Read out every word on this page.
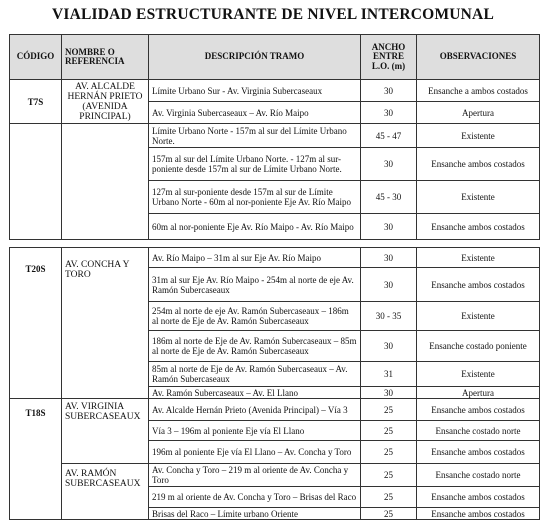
VIALIDAD ESTRUCTURANTE DE NIVEL INTERCOMUNAL
CÓDIGO	NOMBRE O REFERENCIA	DESCRIPCIÓN TRAMO	ANCHO ENTRE L.O. (m)	OBSERVACIONES
T7S	AV. ALCALDE HERNÁN PRIETO (AVENIDA PRINCIPAL)	Límite Urbano Sur - Av. Virginia Subercaseaux	30	Ensanche a ambos costados
		Av. Virginia Subercaseaux – Av. Río Maipo	30	Apertura
		Límite Urbano Norte - 157m al sur del Límite Urbano Norte.	45 - 47	Existente
		157m al sur del Límite Urbano Norte. - 127m al sur-poniente desde 157m al sur de Límite Urbano Norte.	30	Ensanche ambos costados
		127m al sur-poniente desde 157m al sur de Límite Urbano Norte - 60m al nor-poniente Eje Av. Río Maipo	45 - 30	Existente
		60m al nor-poniente Eje Av. Río Maipo - Av. Río Maipo	30	Ensanche ambos costados
T20S	AV. CONCHA Y TORO	Av. Río Maipo – 31m al sur Eje Av. Río Maipo	30	Existente
		31m al sur Eje Av. Río Maipo - 254m al norte de eje Av. Ramón Subercaseaux	30	Ensanche ambos costados
		254m al norte de eje Av. Ramón Subercaseaux – 186m al norte de Eje de Av. Ramón Subercaseaux	30 - 35	Existente
		186m al norte de Eje de Av. Ramón Subercaseaux – 85m al norte de Eje de Av. Ramón Subercaseaux	30	Ensanche costado poniente
		85m al norte de Eje de Av. Ramón Subercaseaux – Av. Ramón Subercaseaux	31	Existente
		Av. Ramón Subercaseaux – Av. El Llano	30	Apertura
T18S	AV. VIRGINIA SUBERCASEAUX	Av. Alcalde Hernán Prieto (Avenida Principal) – Vía 3	25	Ensanche ambos costados
		Vía 3 – 196m al poniente Eje vía El Llano	25	Ensanche costado norte
		196m al poniente Eje vía El Llano – Av. Concha y Toro	25	Ensanche ambos costados
	AV. RAMÓN SUBERCASEAUX	Av. Concha y Toro – 219 m al oriente de Av. Concha y Toro	25	Ensanche costado norte
		219 m al oriente de Av. Concha y Toro – Brisas del Raco	25	Ensanche ambos costados
		Brisas del Raco – Límite urbano Oriente	25	Ensanche ambos costados
